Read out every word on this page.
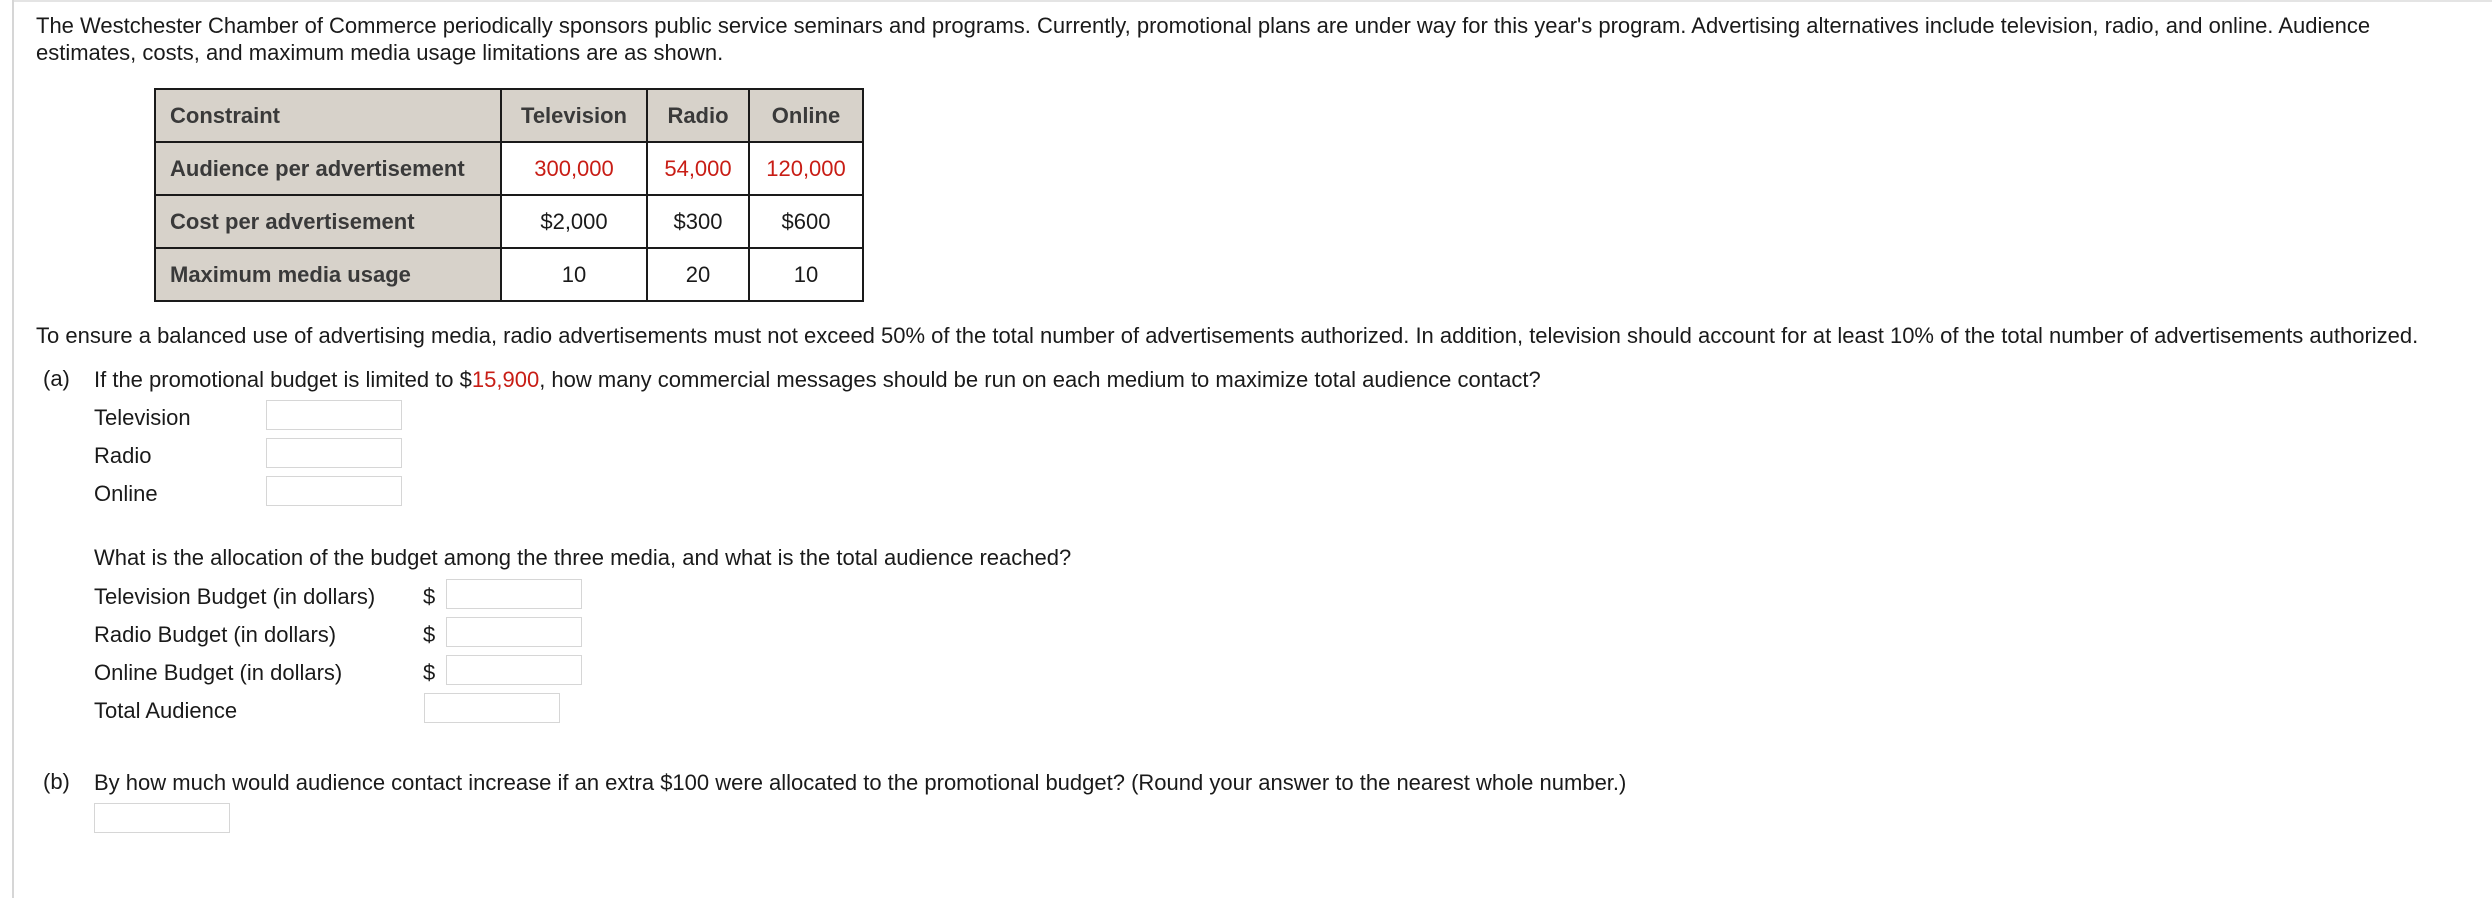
The Westchester Chamber of Commerce periodically sponsors public service seminars and programs. Currently, promotional plans are under way for this year's program. Advertising alternatives include television, radio, and online. Audience estimates, costs, and maximum media usage limitations are as shown.

Constraint	Television	Radio	Online
Audience per advertisement	300,000	54,000	120,000
Cost per advertisement	$2,000	$300	$600
Maximum media usage	10	20	10

To ensure a balanced use of advertising media, radio advertisements must not exceed 50% of the total number of advertisements authorized. In addition, television should account for at least 10% of the total number of advertisements authorized.

(a) If the promotional budget is limited to $15,900, how many commercial messages should be run on each medium to maximize total audience contact?
Television
Radio
Online
What is the allocation of the budget among the three media, and what is the total audience reached?
Television Budget (in dollars) $
Radio Budget (in dollars)	$
Online Budget (in dollars)	$
Total Audience
(b) By how much would audience contact increase if an extra $100 were allocated to the promotional budget? (Round your answer to the nearest whole number.)
